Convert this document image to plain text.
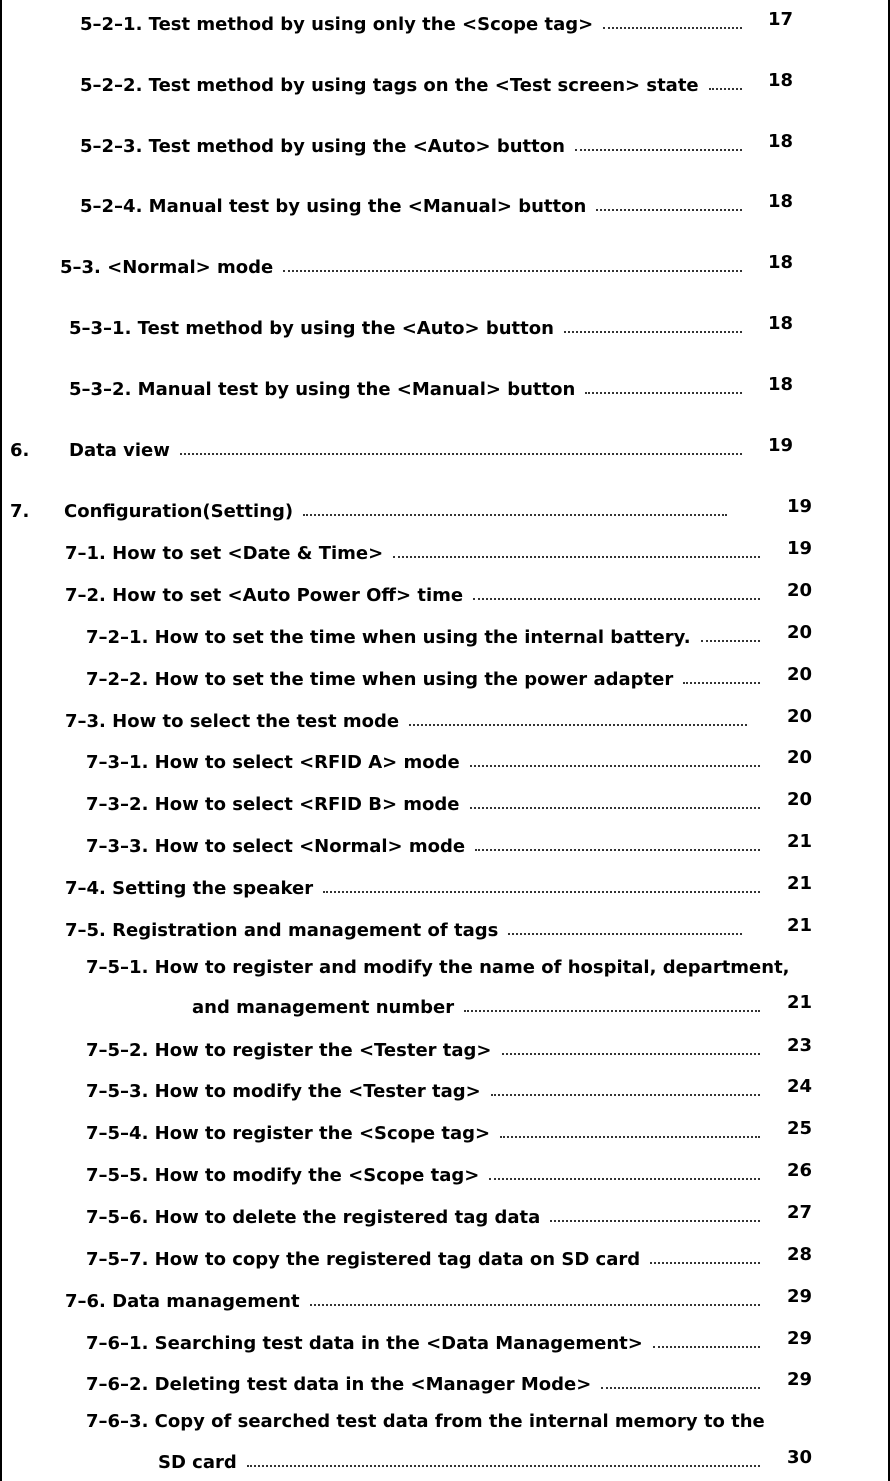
5–2–1. Test method by using only the <Scope tag>	17
5–2–2. Test method by using tags on the <Test screen> state	18
5–2–3. Test method by using the <Auto> button	18
5–2–4. Manual test by using the <Manual> button	18
5–3. <Normal> mode	18
5–3–1. Test method by using the <Auto> button	18
5–3–2. Manual test by using the <Manual> button	18
6.	Data view	19
7.	Configuration(Setting)	19
7–1. How to set <Date & Time>	19
7–2. How to set <Auto Power Off> time	20
7–2–1. How to set the time when using the internal battery.	20
7–2–2. How to set the time when using the power adapter	20
7–3. How to select the test mode	20
7–3–1. How to select <RFID A> mode	20
7–3–2. How to select <RFID B> mode	20
7–3–3. How to select <Normal> mode	21
7–4. Setting the speaker	21
7–5. Registration and management of tags	21
7–5–1. How to register and modify the name of hospital, department,
and management number	21
7–5–2. How to register the <Tester tag>	23
7–5–3. How to modify the <Tester tag>	24
7–5–4. How to register the <Scope tag>	25
7–5–5. How to modify the <Scope tag>	26
7–5–6. How to delete the registered tag data	27
7–5–7. How to copy the registered tag data on SD card	28
7–6. Data management	29
7–6–1. Searching test data in the <Data Management>	29
7–6–2. Deleting test data in the <Manager Mode>	29
7–6–3. Copy of searched test data from the internal memory to the
SD card	30
